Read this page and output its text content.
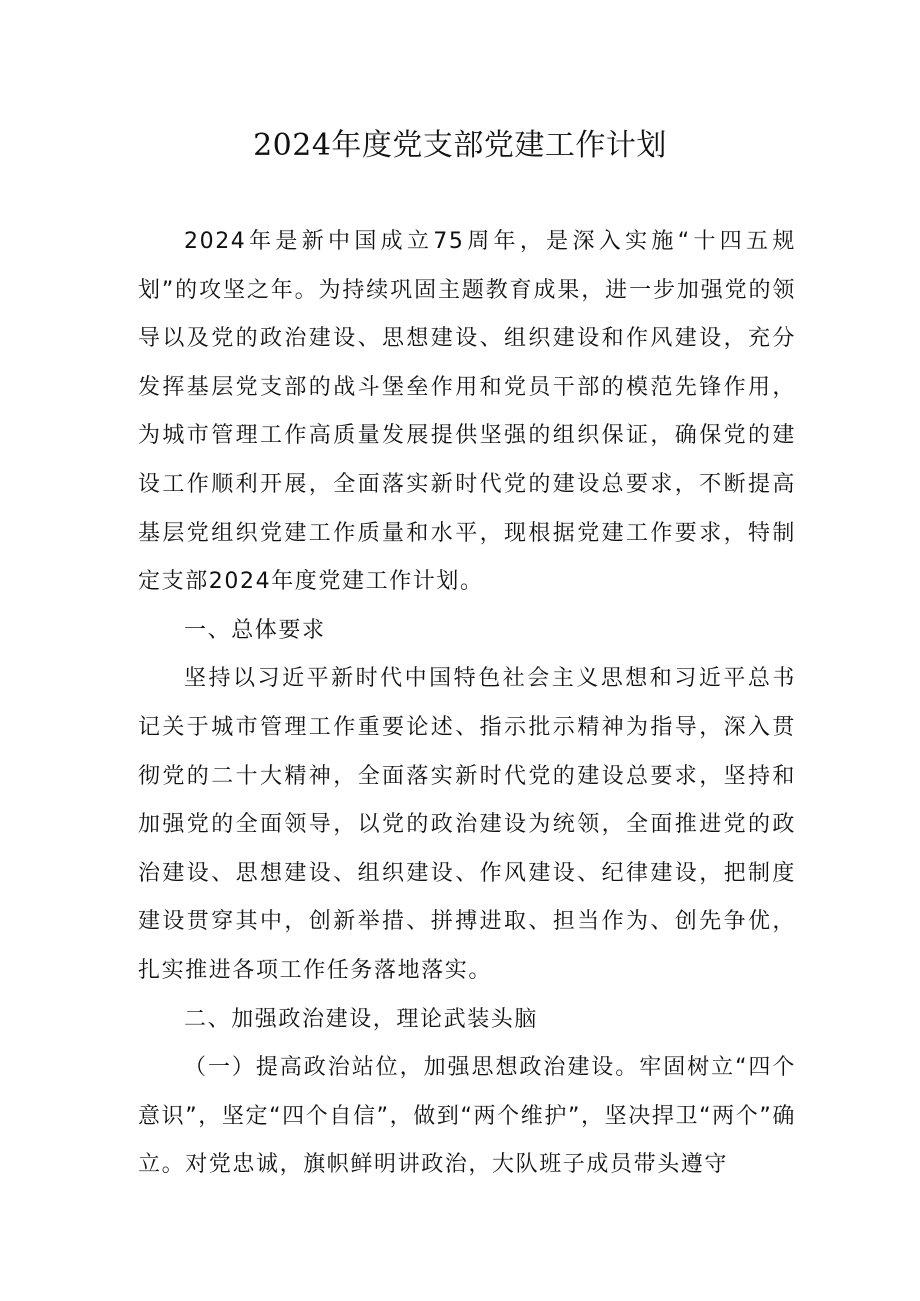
2024年度党支部党建工作计划

2024年是新中国成立75周年，是深入实施“十四五规划”的攻坚之年。为持续巩固主题教育成果，进一步加强党的领导以及党的政治建设、思想建设、组织建设和作风建设，充分发挥基层党支部的战斗堡垒作用和党员干部的模范先锋作用，为城市管理工作高质量发展提供坚强的组织保证，确保党的建设工作顺利开展，全面落实新时代党的建设总要求，不断提高基层党组织党建工作质量和水平，现根据党建工作要求，特制定支部2024年度党建工作计划。

一、总体要求

坚持以习近平新时代中国特色社会主义思想和习近平总书记关于城市管理工作重要论述、指示批示精神为指导，深入贯彻党的二十大精神，全面落实新时代党的建设总要求，坚持和加强党的全面领导，以党的政治建设为统领，全面推进党的政治建设、思想建设、组织建设、作风建设、纪律建设，把制度建设贯穿其中，创新举措、拼搏进取、担当作为、创先争优，扎实推进各项工作任务落地落实。

二、加强政治建设，理论武装头脑

（一）提高政治站位，加强思想政治建设。牢固树立“四个意识”，坚定“四个自信”，做到“两个维护”，坚决捍卫“两个”确立。对党忠诚，旗帜鲜明讲政治，大队班子成员带头遵守
